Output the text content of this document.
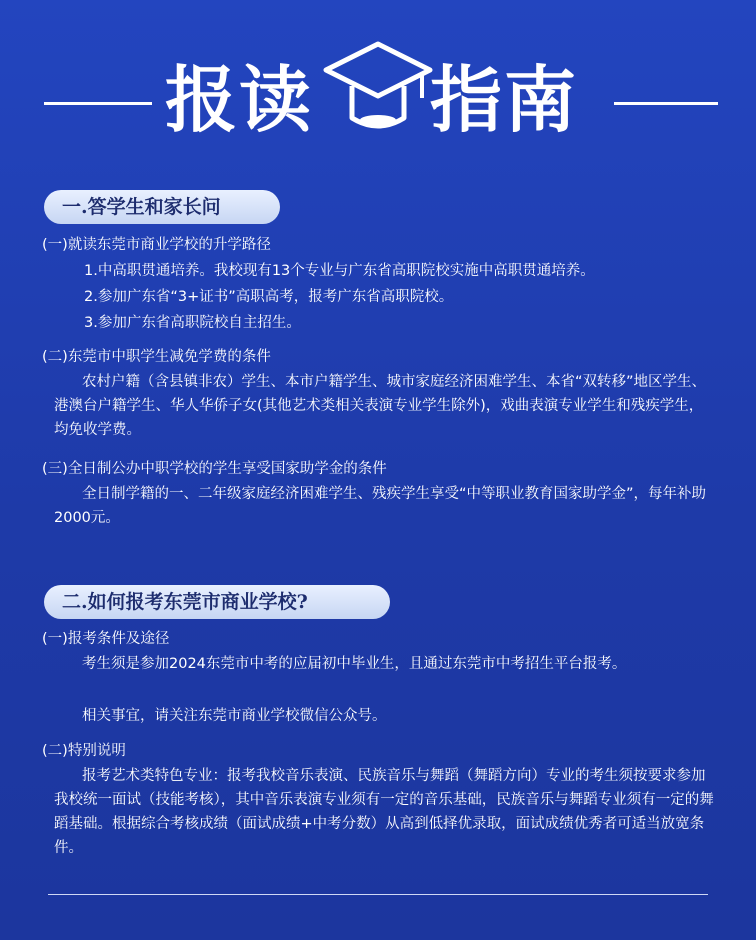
报读 指南
一.答学生和家长问
(一)就读东莞市商业学校的升学路径
1.中高职贯通培养。我校现有13个专业与广东省高职院校实施中高职贯通培养。
2.参加广东省“3+证书”高职高考，报考广东省高职院校。
3.参加广东省高职院校自主招生。
(二)东莞市中职学生减免学费的条件
农村户籍（含县镇非农）学生、本市户籍学生、城市家庭经济困难学生、本省“双转移”地区学生、港澳台户籍学生、华人华侨子女(其他艺术类相关表演专业学生除外)，戏曲表演专业学生和残疾学生，均免收学费。
(三)全日制公办中职学校的学生享受国家助学金的条件
全日制学籍的一、二年级家庭经济困难学生、残疾学生享受“中等职业教育国家助学金”，每年补助2000元。
二.如何报考东莞市商业学校?
(一)报考条件及途径
考生须是参加2024东莞市中考的应届初中毕业生，且通过东莞市中考招生平台报考。
相关事宜，请关注东莞市商业学校微信公众号。
(二)特别说明
报考艺术类特色专业：报考我校音乐表演、民族音乐与舞蹈（舞蹈方向）专业的考生须按要求参加我校统一面试（技能考核），其中音乐表演专业须有一定的音乐基础，民族音乐与舞蹈专业须有一定的舞蹈基础。根据综合考核成绩（面试成绩+中考分数）从高到低择优录取，面试成绩优秀者可适当放宽条件。
